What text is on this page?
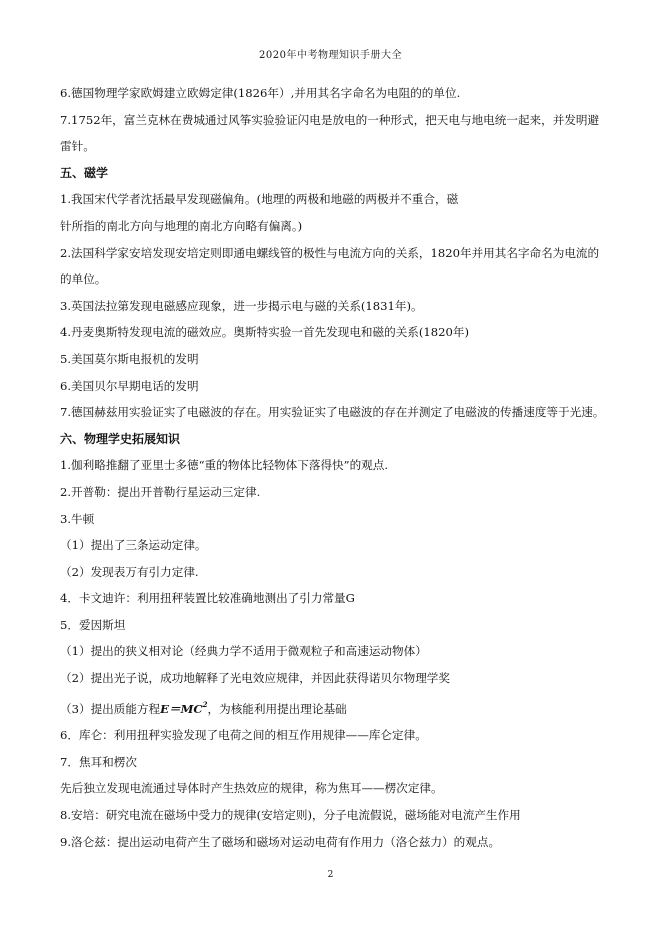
2020年中考物理知识手册大全
6.德国物理学家欧姆建立欧姆定律(1826年）,并用其名字命名为电阻的的单位.
7.1752年，富兰克林在费城通过风筝实验验证闪电是放电的一种形式，把天电与地电统一起来，并发明避
雷针。
五、磁学
1.我国宋代学者沈括最早发现磁偏角。(地理的两极和地磁的两极并不重合，磁
针所指的南北方向与地理的南北方向略有偏离。)
2.法国科学家安培发现安培定则即通电螺线管的极性与电流方向的关系，1820年并用其名字命名为电流的
的单位。
3.英国法拉第发现电磁感应现象，进一步揭示电与磁的关系(1831年)。
4.丹麦奥斯特发现电流的磁效应。奥斯特实验一首先发现电和磁的关系(1820年)
5.美国莫尔斯电报机的发明
6.美国贝尔早期电话的发明
7.德国赫兹用实验证实了电磁波的存在。用实验证实了电磁波的存在并测定了电磁波的传播速度等于光速。
六、物理学史拓展知识
1.伽利略推翻了亚里士多德“重的物体比轻物体下落得快”的观点.
2.开普勒：提出开普勒行星运动三定律.
3.牛顿
（1）提出了三条运动定律。
（2）发现表万有引力定律.
4．卡文迪许：利用扭秤装置比较准确地测出了引力常量G
5．爱因斯坦
（1）提出的狭义相对论（经典力学不适用于微观粒子和高速运动物体）
（2）提出光子说，成功地解释了光电效应规律，并因此获得诺贝尔物理学奖
（3）提出质能方程$E=MC^2$，为核能利用提出理论基础
6．库仑：利用扭秤实验发现了电荷之间的相互作用规律——库仑定律。
7．焦耳和楞次
先后独立发现电流通过导体时产生热效应的规律，称为焦耳——楞次定律。
8.安培：研究电流在磁场中受力的规律(安培定则)，分子电流假说，磁场能对电流产生作用
9.洛仑兹：提出运动电荷产生了磁场和磁场对运动电荷有作用力（洛仑兹力）的观点。
2
